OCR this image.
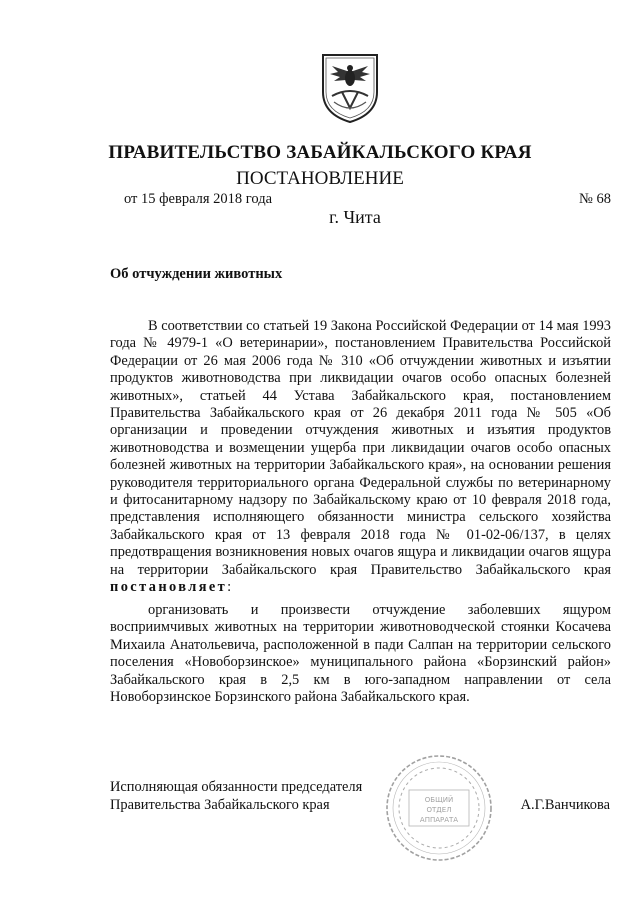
ПРАВИТЕЛЬСТВО ЗАБАЙКАЛЬСКОГО КРАЯ
ПОСТАНОВЛЕНИЕ
от 15 февраля 2018 года	№ 68
г. Чита
Об отчуждении животных

В соответствии со статьей 19 Закона Российской Федерации от 14 мая 1993 года № 4979-1 «О ветеринарии», постановлением Правительства Российской Федерации от 26 мая 2006 года № 310 «Об отчуждении животных и изъятии продуктов животноводства при ликвидации очагов особо опасных болезней животных», статьей 44 Устава Забайкальского края, постановлением Правительства Забайкальского края от 26 декабря 2011 года № 505 «Об организации и проведении отчуждения животных и изъятия продуктов животноводства и возмещении ущерба при ликвидации очагов особо опасных болезней животных на территории Забайкальского края», на основании решения руководителя территориального органа Федеральной службы по ветеринарному и фитосанитарному надзору по Забайкальскому краю от 10 февраля 2018 года, представления исполняющего обязанности министра сельского хозяйства Забайкальского края от 13 февраля 2018 года № 01-02-06/137, в целях предотвращения возникновения новых очагов ящура и ликвидации очагов ящура на территории Забайкальского края Правительство Забайкальского края постановляет:

организовать и произвести отчуждение заболевших ящуром восприимчивых животных на территории животноводческой стоянки Косачева Михаила Анатольевича, расположенной в пади Салпан на территории сельского поселения «Новоборзинское» муниципального района «Борзинский район» Забайкальского края в 2,5 км в юго-западном направлении от села Новоборзинское Борзинского района Забайкальского края.

Исполняющая обязанности председателя
Правительства Забайкальского края	А.Г.Ванчикова
ОБЩИЙ
ОТДЕЛ
АППАРАТА
